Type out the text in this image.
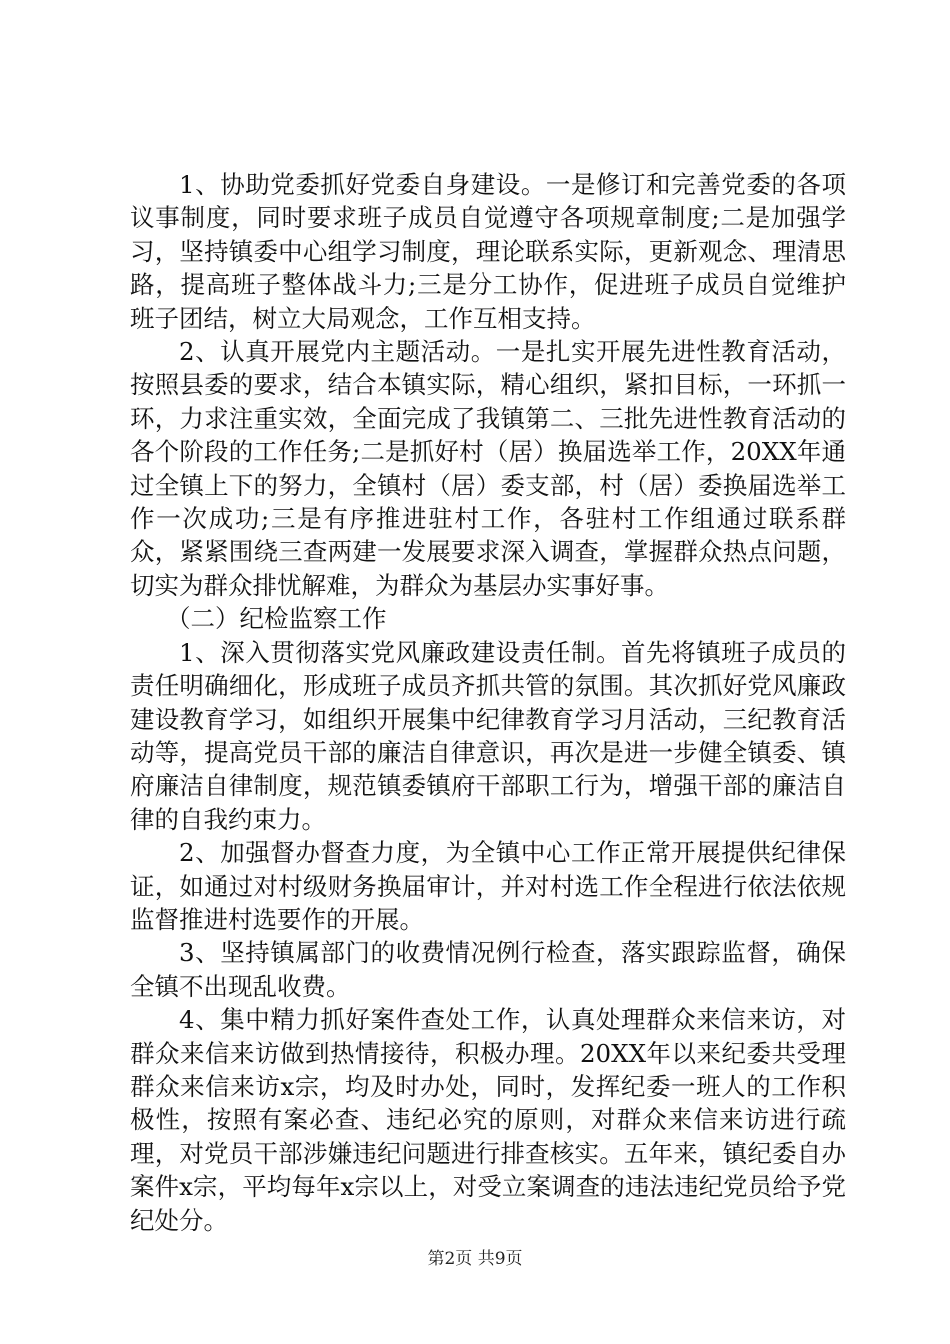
1、协助党委抓好党委自身建设。一是修订和完善党委的各项议事制度，同时要求班子成员自觉遵守各项规章制度;二是加强学习，坚持镇委中心组学习制度，理论联系实际，更新观念、理清思路，提高班子整体战斗力;三是分工协作，促进班子成员自觉维护班子团结，树立大局观念，工作互相支持。

2、认真开展党内主题活动。一是扎实开展先进性教育活动，按照县委的要求，结合本镇实际，精心组织，紧扣目标，一环抓一环，力求注重实效，全面完成了我镇第二、三批先进性教育活动的各个阶段的工作任务;二是抓好村（居）换届选举工作，20XX年通过全镇上下的努力，全镇村（居）委支部，村（居）委换届选举工作一次成功;三是有序推进驻村工作，各驻村工作组通过联系群众，紧紧围绕三查两建一发展要求深入调查，掌握群众热点问题，切实为群众排忧解难，为群众为基层办实事好事。

（二）纪检监察工作

1、深入贯彻落实党风廉政建设责任制。首先将镇班子成员的责任明确细化，形成班子成员齐抓共管的氛围。其次抓好党风廉政建设教育学习，如组织开展集中纪律教育学习月活动，三纪教育活动等，提高党员干部的廉洁自律意识，再次是进一步健全镇委、镇府廉洁自律制度，规范镇委镇府干部职工行为，增强干部的廉洁自律的自我约束力。

2、加强督办督查力度，为全镇中心工作正常开展提供纪律保证，如通过对村级财务换届审计，并对村选工作全程进行依法依规监督推进村选要作的开展。

3、坚持镇属部门的收费情况例行检查，落实跟踪监督，确保全镇不出现乱收费。

4、集中精力抓好案件查处工作，认真处理群众来信来访，对群众来信来访做到热情接待，积极办理。20XX年以来纪委共受理群众来信来访x宗，均及时办处，同时，发挥纪委一班人的工作积极性，按照有案必查、违纪必究的原则，对群众来信来访进行疏理，对党员干部涉嫌违纪问题进行排查核实。五年来，镇纪委自办案件x宗，平均每年x宗以上，对受立案调查的违法违纪党员给予党纪处分。

第2页 共9页
